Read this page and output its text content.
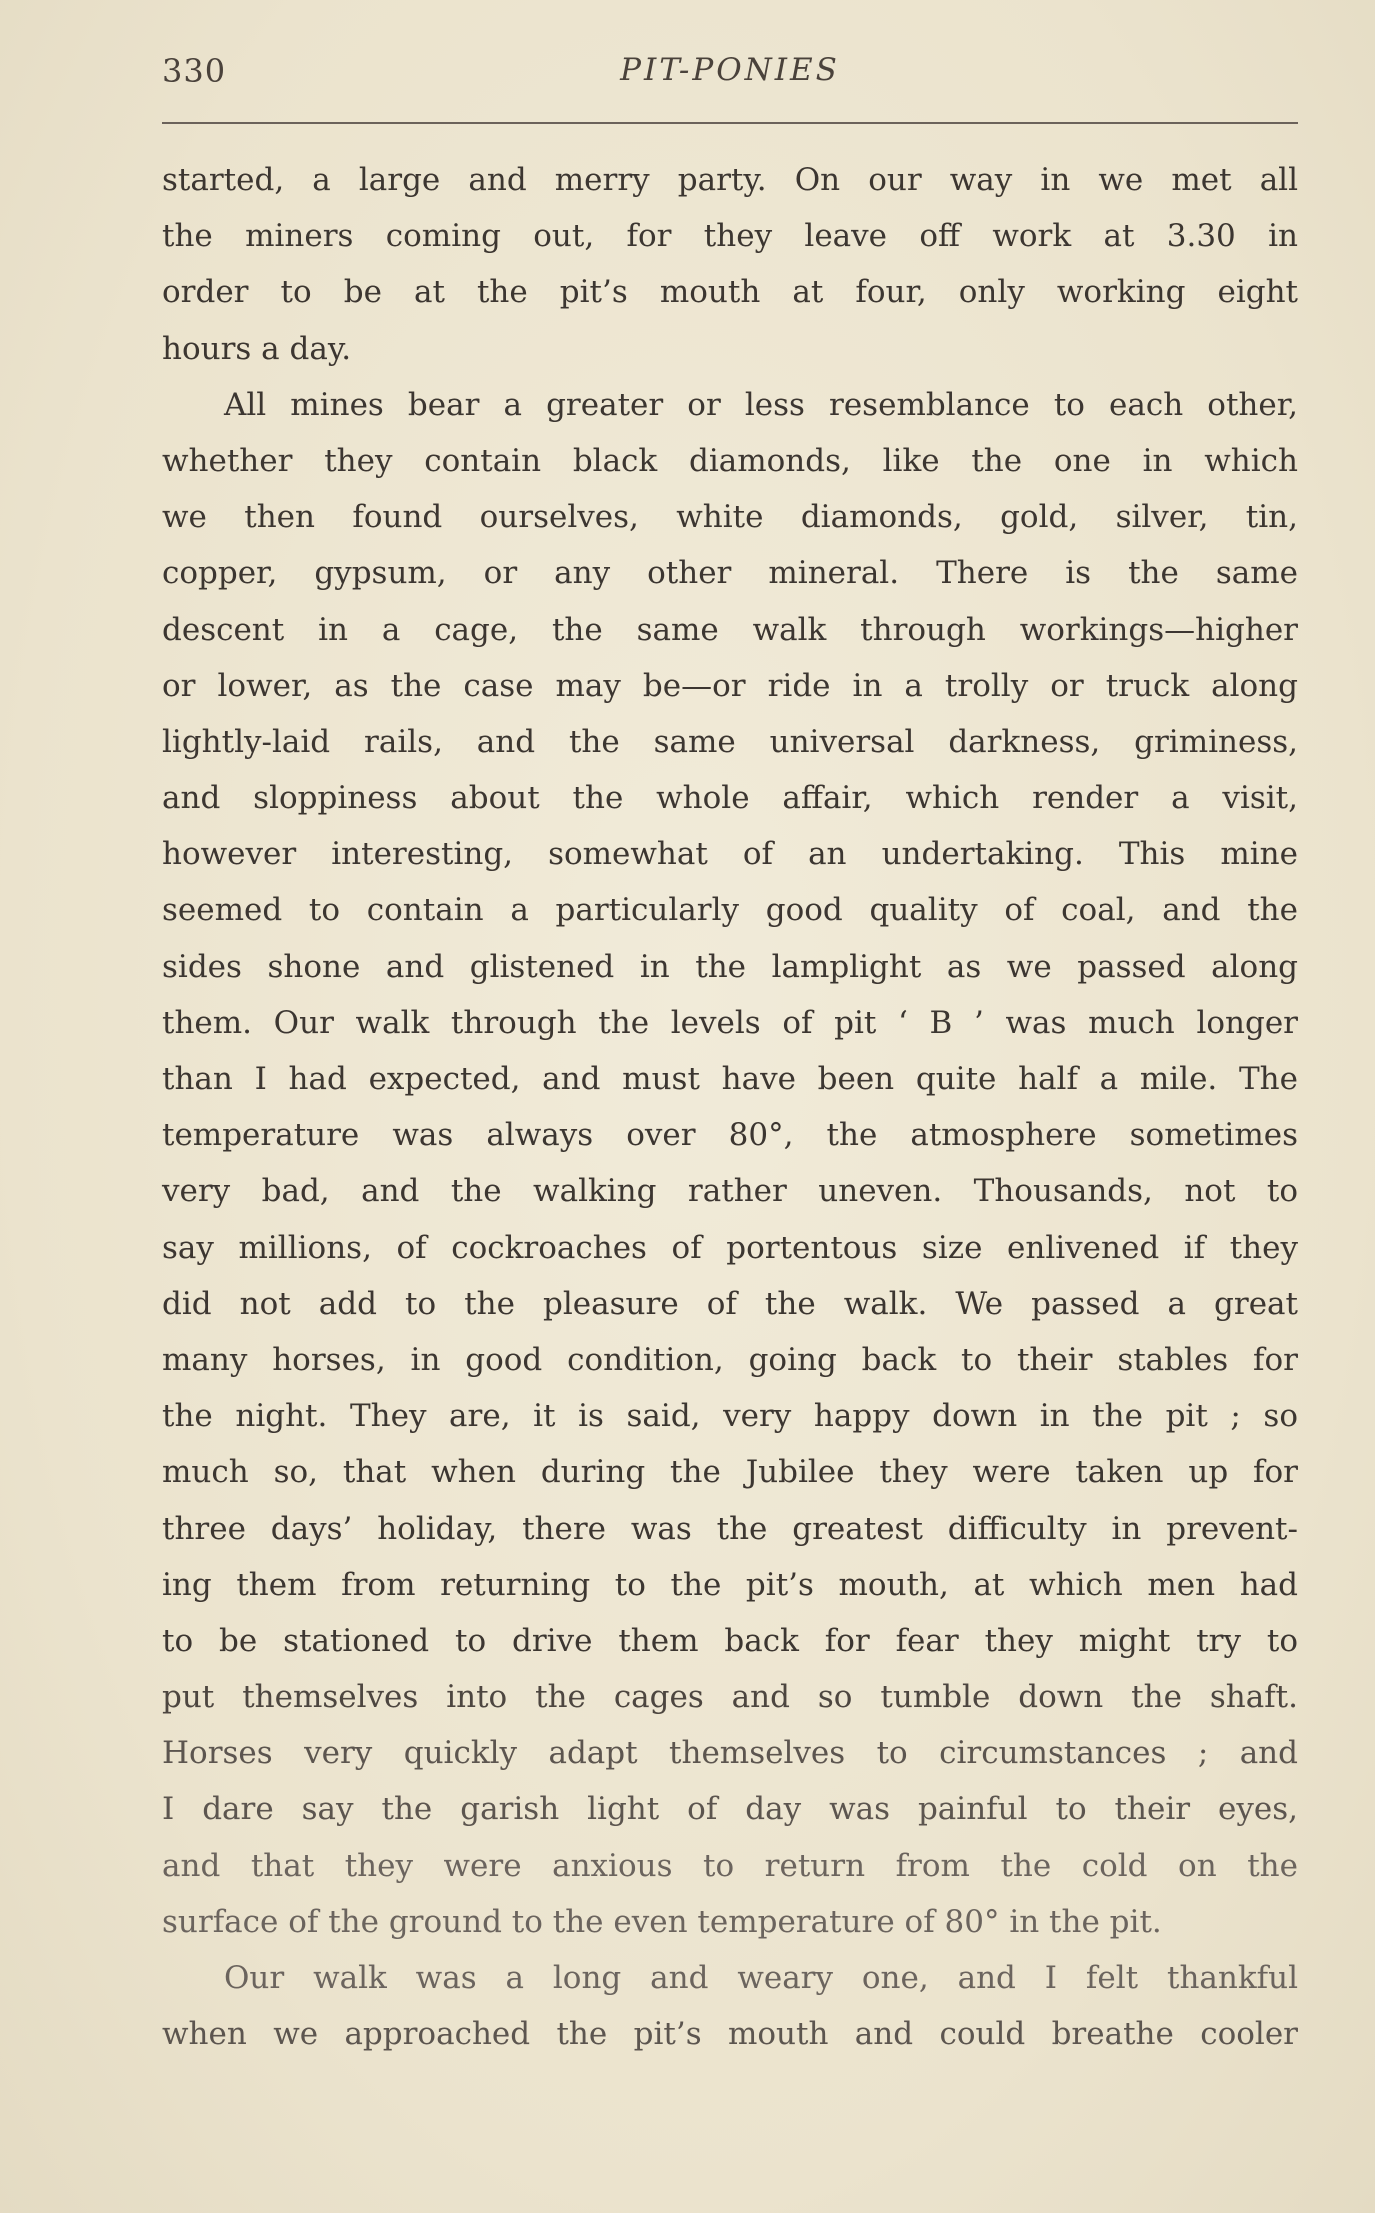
330	PIT-PONIES
started, a large and merry party. On our way in we met all
the miners coming out, for they leave off work at 3.30 in
order to be at the pit’s mouth at four, only working eight
hours a day.
All mines bear a greater or less resemblance to each other,
whether they contain black diamonds, like the one in which
we then found ourselves, white diamonds, gold, silver, tin,
copper, gypsum, or any other mineral. There is the same
descent in a cage, the same walk through workings—higher
or lower, as the case may be—or ride in a trolly or truck along
lightly-laid rails, and the same universal darkness, griminess,
and sloppiness about the whole affair, which render a visit,
however interesting, somewhat of an undertaking. This mine
seemed to contain a particularly good quality of coal, and the
sides shone and glistened in the lamplight as we passed along
them. Our walk through the levels of pit ‘ B ’ was much longer
than I had expected, and must have been quite half a mile. The
temperature was always over 80°, the atmosphere sometimes
very bad, and the walking rather uneven. Thousands, not to
say millions, of cockroaches of portentous size enlivened if they
did not add to the pleasure of the walk. We passed a great
many horses, in good condition, going back to their stables for
the night. They are, it is said, very happy down in the pit ; so
much so, that when during the Jubilee they were taken up for
three days’ holiday, there was the greatest difficulty in prevent-
ing them from returning to the pit’s mouth, at which men had
to be stationed to drive them back for fear they might try to
put themselves into the cages and so tumble down the shaft.
Horses very quickly adapt themselves to circumstances ; and
I dare say the garish light of day was painful to their eyes,
and that they were anxious to return from the cold on the
surface of the ground to the even temperature of 80° in the pit.
Our walk was a long and weary one, and I felt thankful
when we approached the pit’s mouth and could breathe cooler
